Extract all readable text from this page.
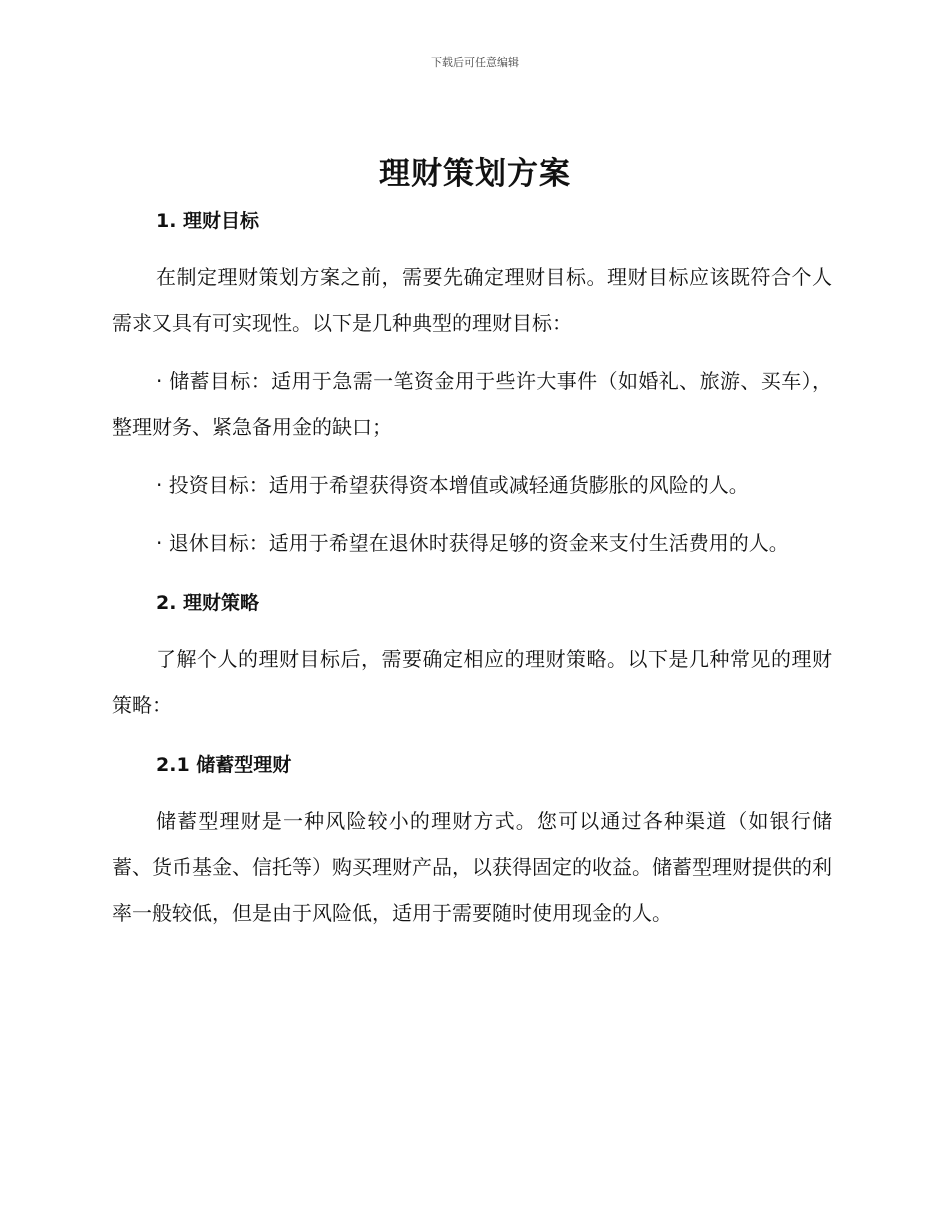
下载后可任意编辑
理财策划方案
1. 理财目标

在制定理财策划方案之前，需要先确定理财目标。理财目标应该既符合个人需求又具有可实现性。以下是几种典型的理财目标：

· 储蓄目标：适用于急需一笔资金用于些许大事件（如婚礼、旅游、买车），整理财务、紧急备用金的缺口；

· 投资目标：适用于希望获得资本增值或减轻通货膨胀的风险的人。

· 退休目标：适用于希望在退休时获得足够的资金来支付生活费用的人。

2. 理财策略

了解个人的理财目标后，需要确定相应的理财策略。以下是几种常见的理财策略：

2.1 储蓄型理财

储蓄型理财是一种风险较小的理财方式。您可以通过各种渠道（如银行储蓄、货币基金、信托等）购买理财产品，以获得固定的收益。储蓄型理财提供的利率一般较低，但是由于风险低，适用于需要随时使用现金的人。
